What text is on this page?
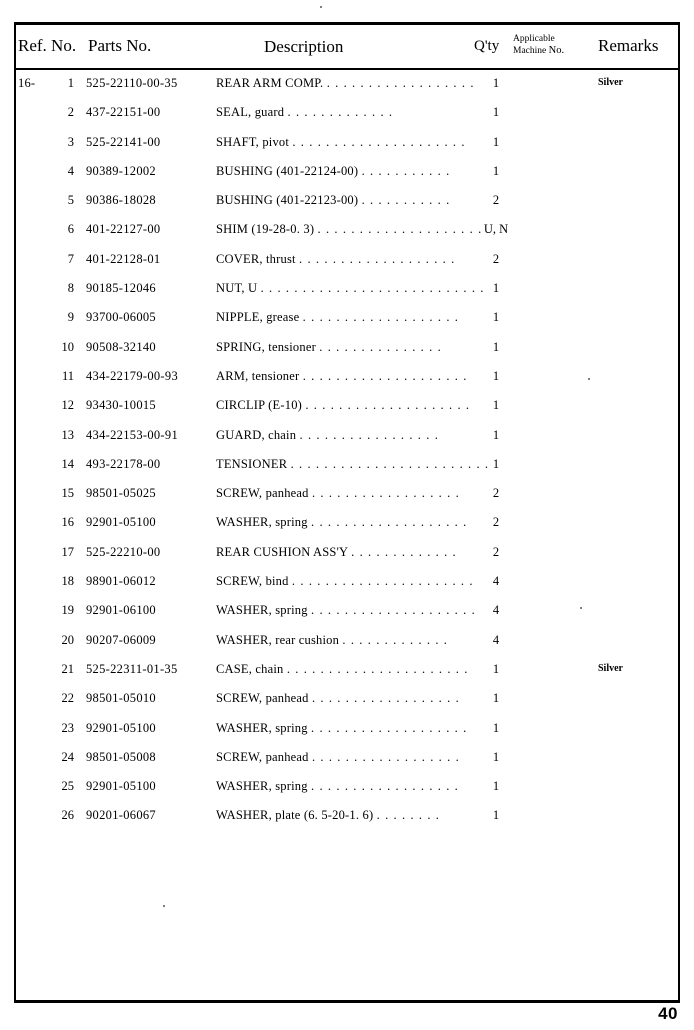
Ref. No. Parts No.	Description	Q'ty Applicable
Machine No. Remarks
16-	1 525-22110-00-35	REAR ARM COMP. . . . . . . . . . . . . . . . . . .	1	Silver
2 437-22151-00	SEAL, guard . . . . . . . . . . . . .	1
3 525-22141-00	SHAFT, pivot . . . . . . . . . . . . . . . . . . . . .	1
4 90389-12002	BUSHING (401-22124-00) . . . . . . . . . . .	1
5 90386-18028	BUSHING (401-22123-00) . . . . . . . . . . .	2
6 401-22127-00	SHIM (19-28-0. 3) . . . . . . . . . . . . . . . . . . . . U, N
7 401-22128-01	COVER, thrust . . . . . . . . . . . . . . . . . . .	2
8 90185-12046	NUT, U . . . . . . . . . . . . . . . . . . . . . . . . . . . 1
9 93700-06005	NIPPLE, grease . . . . . . . . . . . . . . . . . . .	1
10 90508-32140	SPRING, tensioner . . . . . . . . . . . . . . .	1
11 434-22179-00-93	ARM, tensioner . . . . . . . . . . . . . . . . . . . .	1
12 93430-10015	CIRCLIP (E-10) . . . . . . . . . . . . . . . . . . . .	1
13 434-22153-00-91	GUARD, chain . . . . . . . . . . . . . . . . .	1
14 493-22178-00	TENSIONER . . . . . . . . . . . . . . . . . . . . . . . . 1
15 98501-05025	SCREW, panhead . . . . . . . . . . . . . . . . . .	2
16 92901-05100	WASHER, spring . . . . . . . . . . . . . . . . . . .	2
17 525-22210-00	REAR CUSHION ASS'Y . . . . . . . . . . . . .	2
18 98901-06012	SCREW, bind . . . . . . . . . . . . . . . . . . . . . .	4
19 92901-06100	WASHER, spring . . . . . . . . . . . . . . . . . . . .	4
20 90207-06009	WASHER, rear cushion . . . . . . . . . . . . .	4
21 525-22311-01-35	CASE, chain . . . . . . . . . . . . . . . . . . . . . .	1	Silver
22 98501-05010	SCREW, panhead . . . . . . . . . . . . . . . . . .	1
23 92901-05100	WASHER, spring . . . . . . . . . . . . . . . . . . .	1
24 98501-05008	SCREW, panhead . . . . . . . . . . . . . . . . . .	1
25 92901-05100	WASHER, spring . . . . . . . . . . . . . . . . . .	1
26 90201-06067	WASHER, plate (6. 5-20-1. 6) . . . . . . . .	1
40
